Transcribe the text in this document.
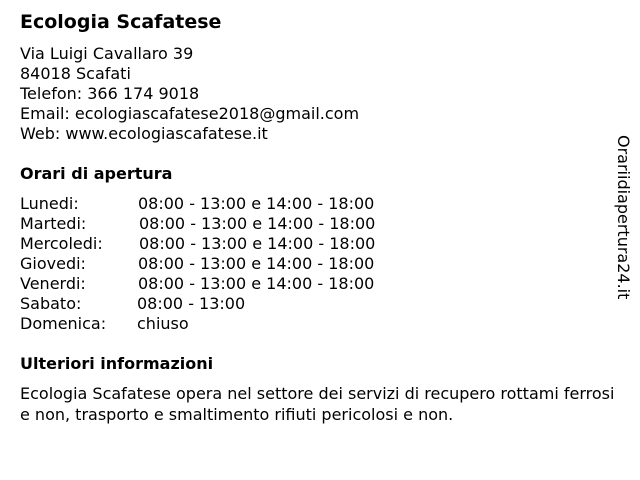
Ecologia Scafatese
Via Luigi Cavallaro 39
84018 Scafati
Telefon: 366 174 9018
Email: ecologiascafatese2018@gmail.com
Web: www.ecologiascafatese.it
Orari di apertura
Lunedi:	08:00 - 13:00 e 14:00 - 18:00
Martedi:	08:00 - 13:00 e 14:00 - 18:00
Mercoledi: 08:00 - 13:00 e 14:00 - 18:00
Giovedi:	08:00 - 13:00 e 14:00 - 18:00
Venerdi:	08:00 - 13:00 e 14:00 - 18:00
Sabato:	08:00 - 13:00
Domenica: chiuso
Ulteriori informazioni
Ecologia Scafatese opera nel settore dei servizi di recupero rottami ferrosi e non, trasporto e smaltimento rifiuti pericolosi e non.
Orariidiapertura24.it
